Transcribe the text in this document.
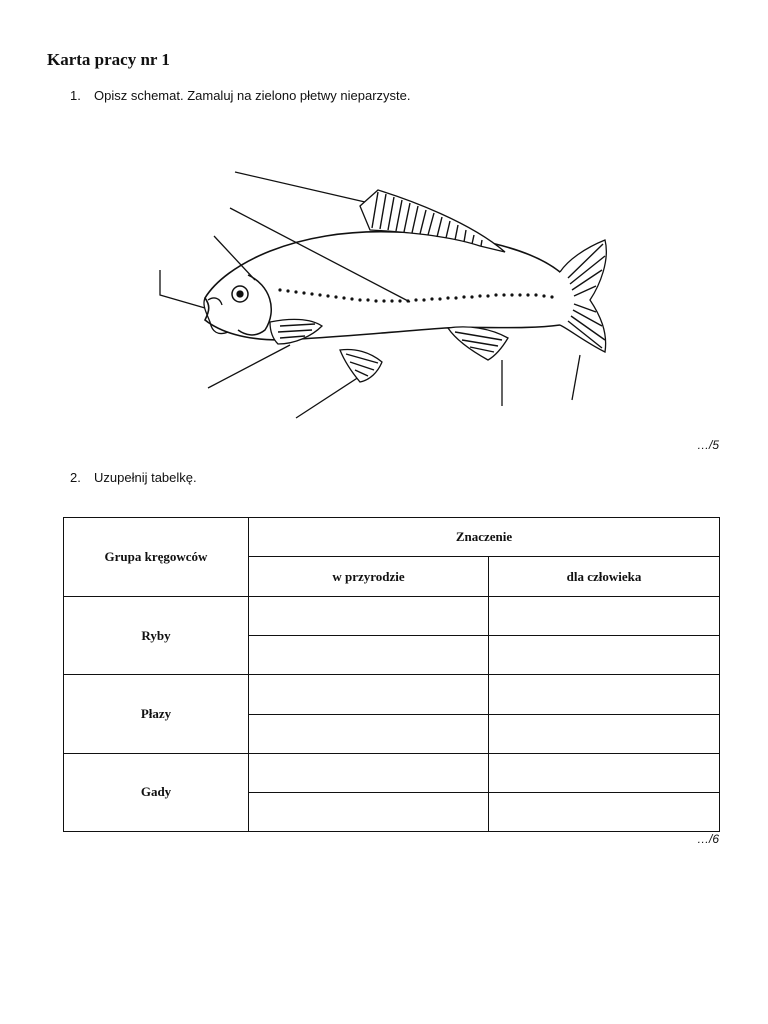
Karta pracy nr 1
1. Opisz schemat. Zamaluj na zielono płetwy nieparzyste.
…/5
2. Uzupełnij tabelkę.
Grupa kręgowców	Znaczenie	
	w przyrodzie	dla człowieka
Ryby		

Płazy		

Gady		

…/6
